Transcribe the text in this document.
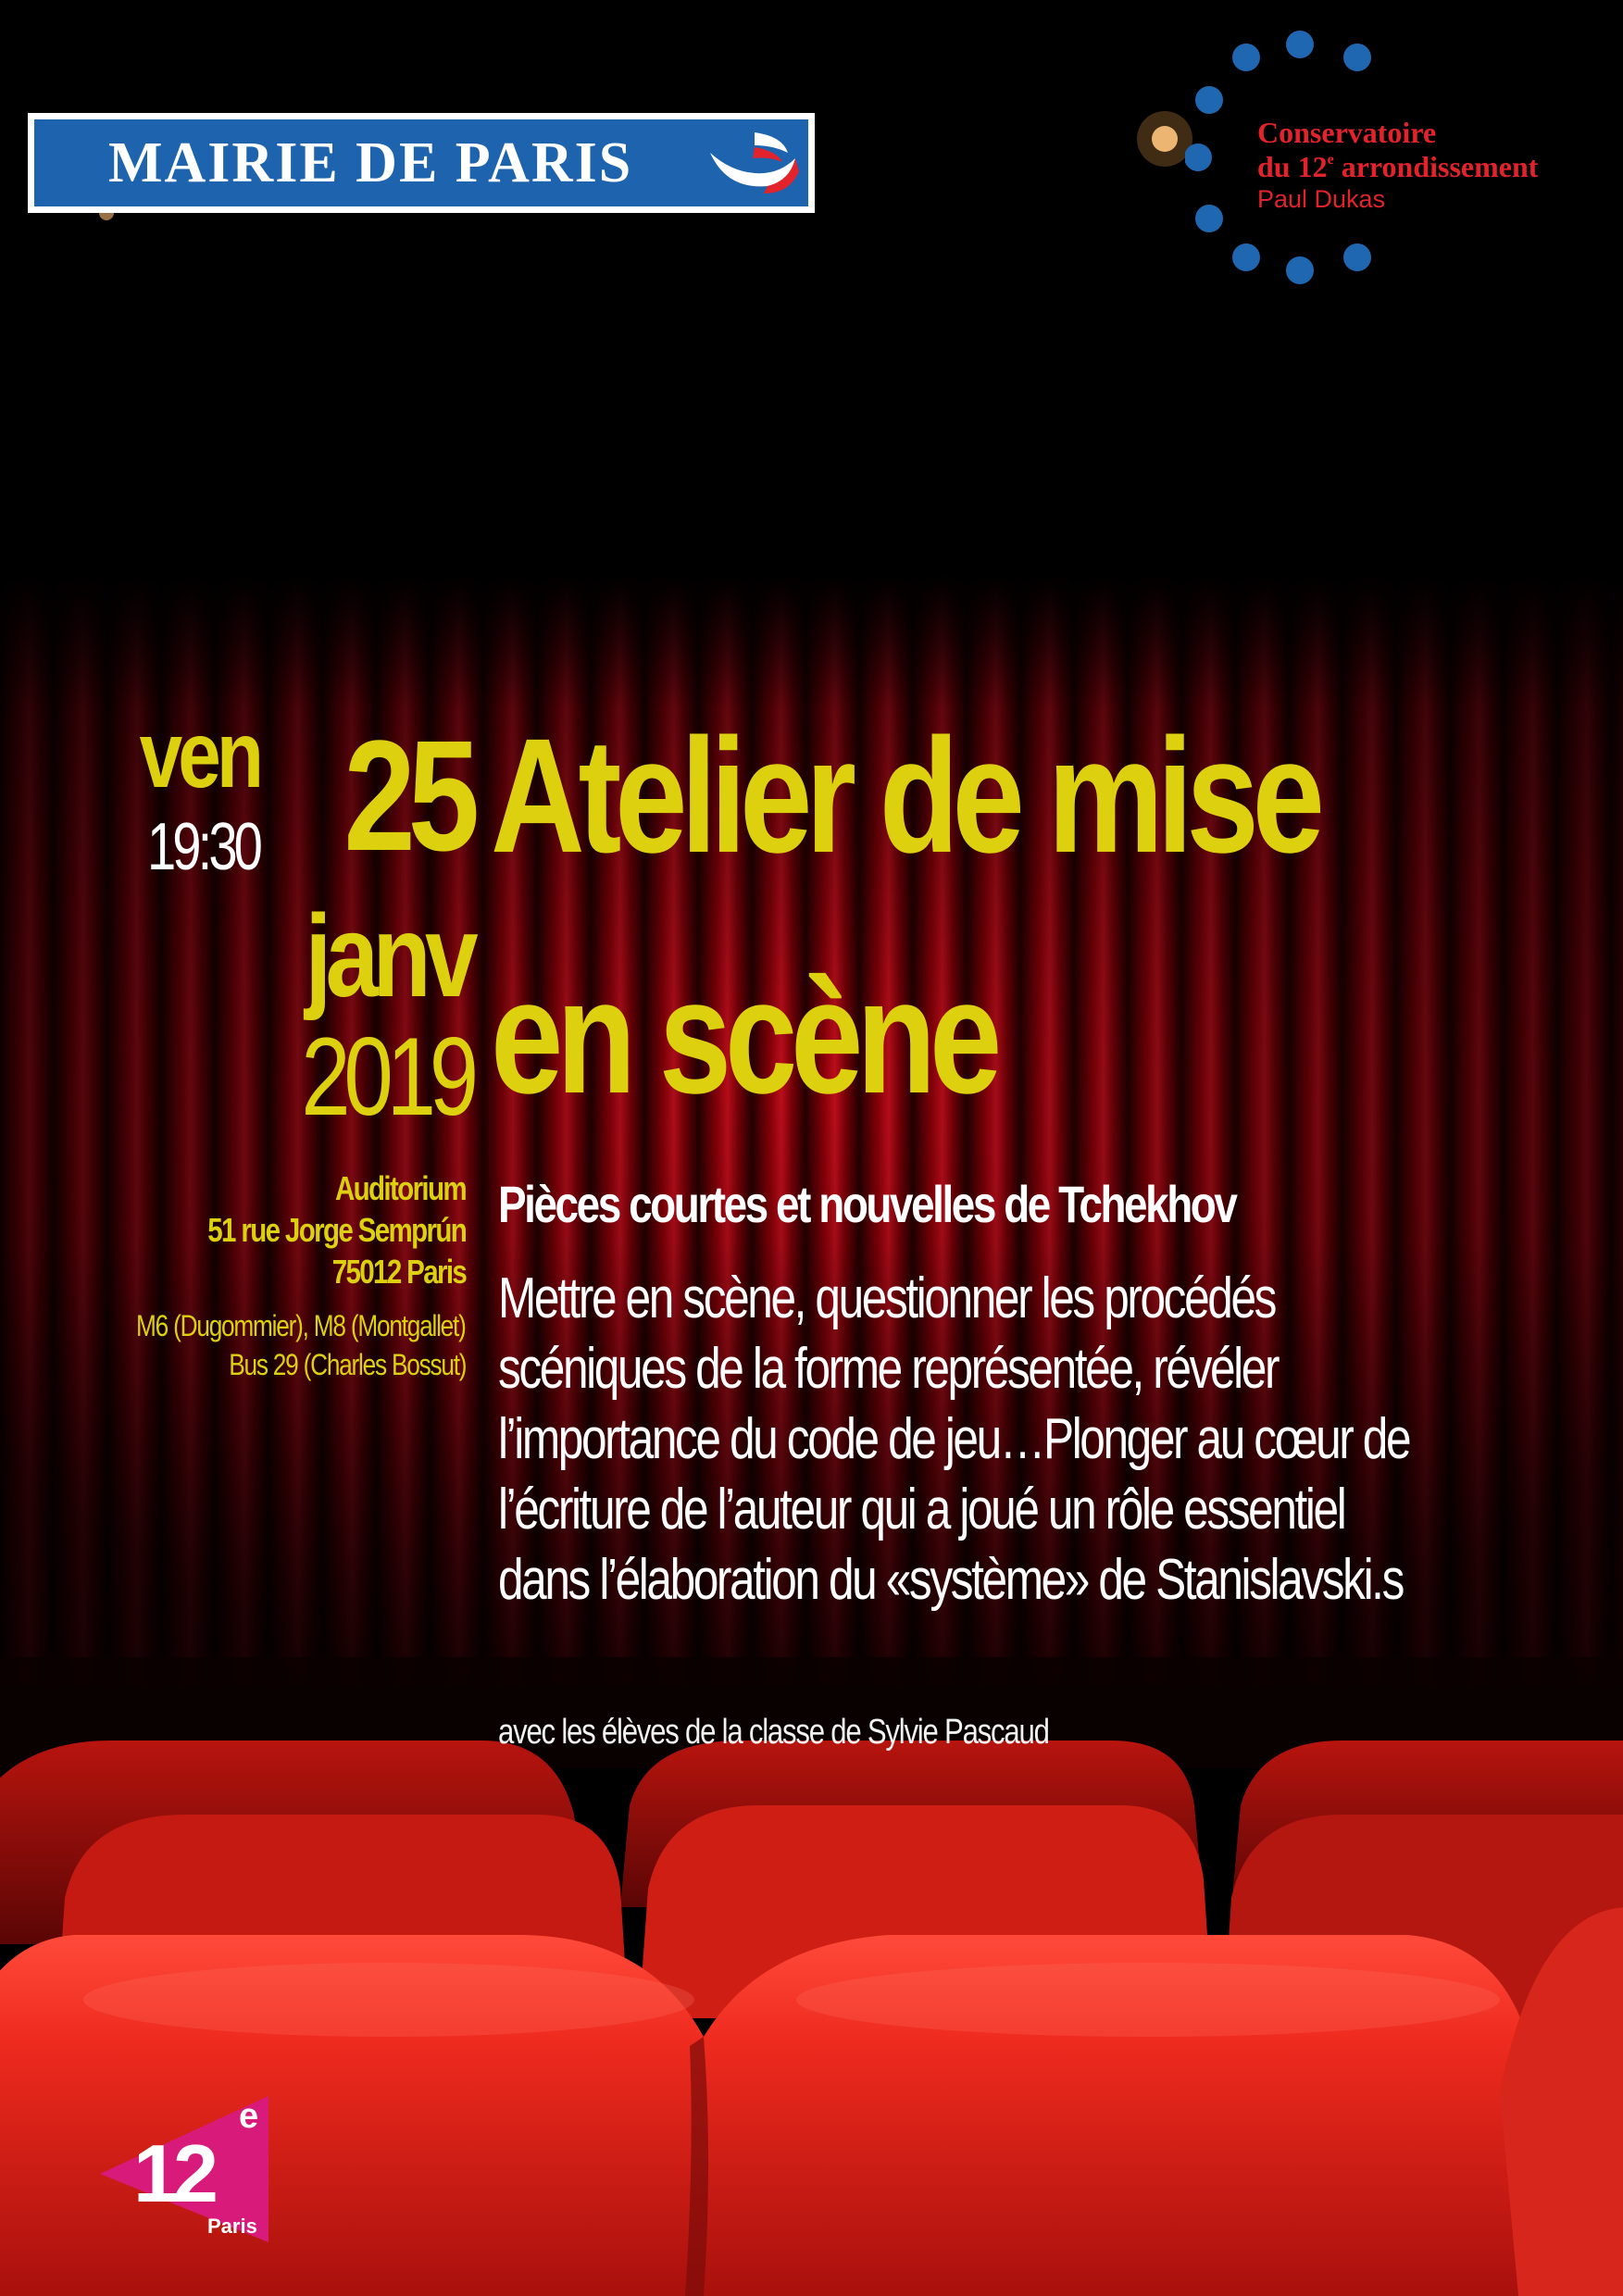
MAIRIE DE PARIS	Conservatoire
du 12e arrondissement
Paul Dukas
ven
19:30 25
janv
2019
Atelier de mise
en scène
Auditorium
51 rue Jorge Semprún
75012 Paris
M6 (Dugommier), M8 (Montgallet)
Bus 29 (Charles Bossut)
Pièces courtes et nouvelles de Tchekhov
Mettre en scène, questionner les procédés
scéniques de la forme représentée, révéler
l’importance du code de jeu…Plonger au cœur de
l’écriture de l’auteur qui a joué un rôle essentiel
dans l’élaboration du «système» de Stanislavski.s
avec les élèves de la classe de Sylvie Pascaud
12
e
Paris
